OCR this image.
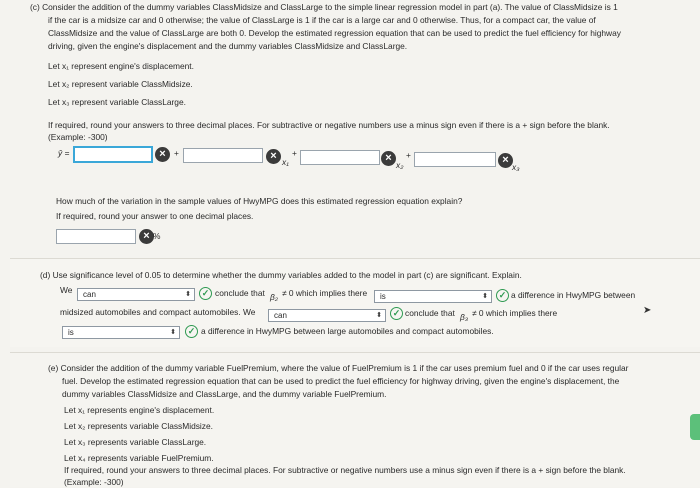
(c) Consider the addition of the dummy variables ClassMidsize and ClassLarge to the simple linear regression model in part (a). The value of ClassMidsize is 1
if the car is a midsize car and 0 otherwise; the value of ClassLarge is 1 if the car is a large car and 0 otherwise. Thus, for a compact car, the value of
ClassMidsize and the value of ClassLarge are both 0. Develop the estimated regression equation that can be used to predict the fuel efficiency for highway
driving, given the engine's displacement and the dummy variables ClassMidsize and ClassLarge.
Let x₁ represent engine's displacement.
Let x₂ represent variable ClassMidsize.
Let x₃ represent variable ClassLarge.
If required, round your answers to three decimal places. For subtractive or negative numbers use a minus sign even if there is a + sign before the blank.
(Example: -300)
ŷ =	× +	× x₁
+	×
x₂
+	×
x₃
How much of the variation in the sample values of HwyMPG does this estimated regression equation explain?
If required, round your answer to one decimal places.
× %
(d) Use significance level of 0.05 to determine whether the dummy variables added to the model in part (c) are significant. Explain.
We	can	⬍	✓ conclude that β₂ ≠ 0 which implies there	is	⬍	✓ a difference in HwyMPG between
midsized automobiles and compact automobiles. We	can	⬍	✓ conclude that β₃ ≠ 0 which implies there
is	⬍	✓ a difference in HwyMPG between large automobiles and compact automobiles.
➤
(e) Consider the addition of the dummy variable FuelPremium, where the value of FuelPremium is 1 if the car uses premium fuel and 0 if the car uses regular
fuel. Develop the estimated regression equation that can be used to predict the fuel efficiency for highway driving, given the engine's displacement, the
dummy variables ClassMidsize and ClassLarge, and the dummy variable FuelPremium.
Let x₁ represents engine's displacement.
Let x₂ represents variable ClassMidsize.
Let x₃ represents variable ClassLarge.
Let x₄ represents variable FuelPremium.
If required, round your answers to three decimal places. For subtractive or negative numbers use a minus sign even if there is a + sign before the blank.
(Example: -300)
